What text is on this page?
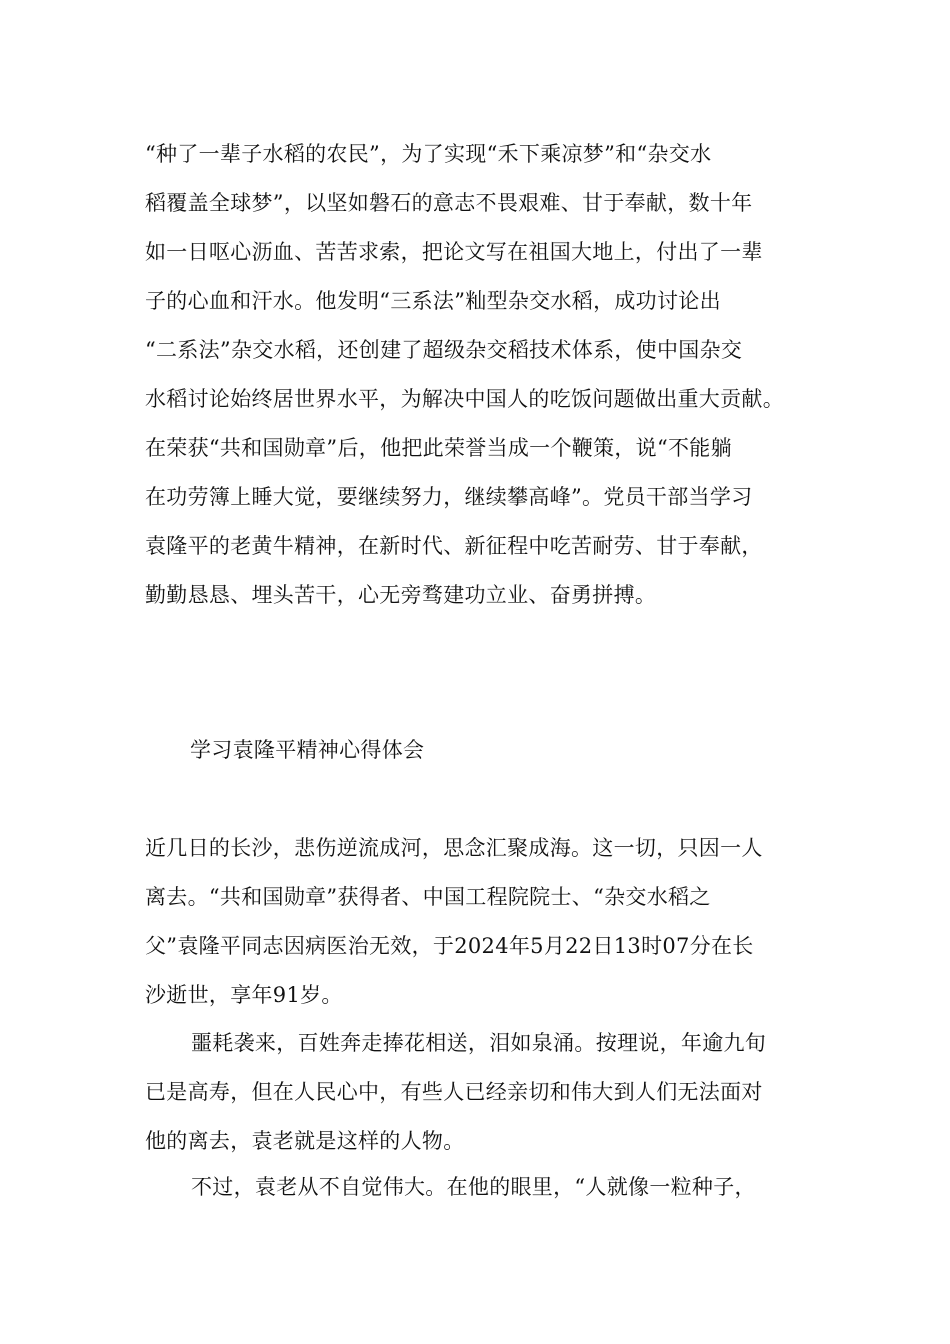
“种了一辈子水稻的农民”，为了实现“禾下乘凉梦”和“杂交水
稻覆盖全球梦”，以坚如磐石的意志不畏艰难、甘于奉献，数十年
如一日呕心沥血、苦苦求索，把论文写在祖国大地上，付出了一辈
子的心血和汗水。他发明“三系法”籼型杂交水稻，成功讨论出
“二系法”杂交水稻，还创建了超级杂交稻技术体系，使中国杂交
水稻讨论始终居世界水平，为解决中国人的吃饭问题做出重大贡献。
在荣获“共和国勋章”后，他把此荣誉当成一个鞭策，说“不能躺
在功劳簿上睡大觉，要继续努力，继续攀高峰”。党员干部当学习
袁隆平的老黄牛精神，在新时代、新征程中吃苦耐劳、甘于奉献，
勤勤恳恳、埋头苦干，心无旁骛建功立业、奋勇拼搏。
学习袁隆平精神心得体会
近几日的长沙，悲伤逆流成河，思念汇聚成海。这一切，只因一人
离去。“共和国勋章”获得者、中国工程院院士、“杂交水稻之
父”袁隆平同志因病医治无效，于2024年5月22日13时07分在长
沙逝世，享年91岁。
噩耗袭来，百姓奔走捧花相送，泪如泉涌。按理说，年逾九旬
已是高寿，但在人民心中，有些人已经亲切和伟大到人们无法面对
他的离去，袁老就是这样的人物。
不过，袁老从不自觉伟大。在他的眼里，“人就像一粒种子，
